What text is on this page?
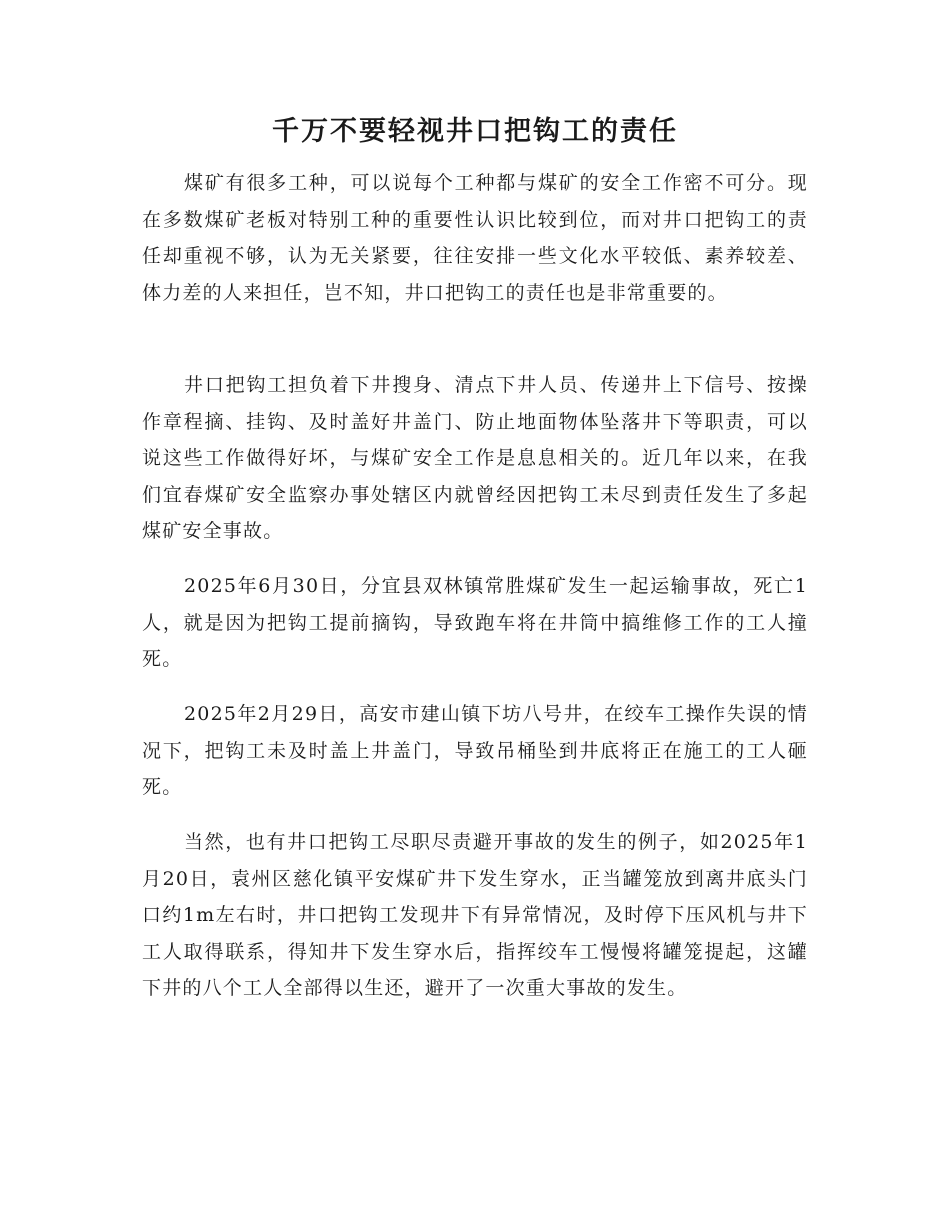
千万不要轻视井口把钩工的责任

煤矿有很多工种，可以说每个工种都与煤矿的安全工作密不可分。现在多数煤矿老板对特别工种的重要性认识比较到位，而对井口把钩工的责任却重视不够，认为无关紧要，往往安排一些文化水平较低、素养较差、体力差的人来担任，岂不知，井口把钩工的责任也是非常重要的。

井口把钩工担负着下井搜身、清点下井人员、传递井上下信号、按操作章程摘、挂钩、及时盖好井盖门、防止地面物体坠落井下等职责，可以说这些工作做得好坏，与煤矿安全工作是息息相关的。近几年以来，在我们宜春煤矿安全监察办事处辖区内就曾经因把钩工未尽到责任发生了多起煤矿安全事故。

2025年6月30日，分宜县双林镇常胜煤矿发生一起运输事故，死亡1人，就是因为把钩工提前摘钩，导致跑车将在井筒中搞维修工作的工人撞死。

2025年2月29日，高安市建山镇下坊八号井，在绞车工操作失误的情况下，把钩工未及时盖上井盖门，导致吊桶坠到井底将正在施工的工人砸死。

当然，也有井口把钩工尽职尽责避开事故的发生的例子，如2025年1月20日，袁州区慈化镇平安煤矿井下发生穿水，正当罐笼放到离井底头门口约1m左右时，井口把钩工发现井下有异常情况，及时停下压风机与井下工人取得联系，得知井下发生穿水后，指挥绞车工慢慢将罐笼提起，这罐下井的八个工人全部得以生还，避开了一次重大事故的发生。
